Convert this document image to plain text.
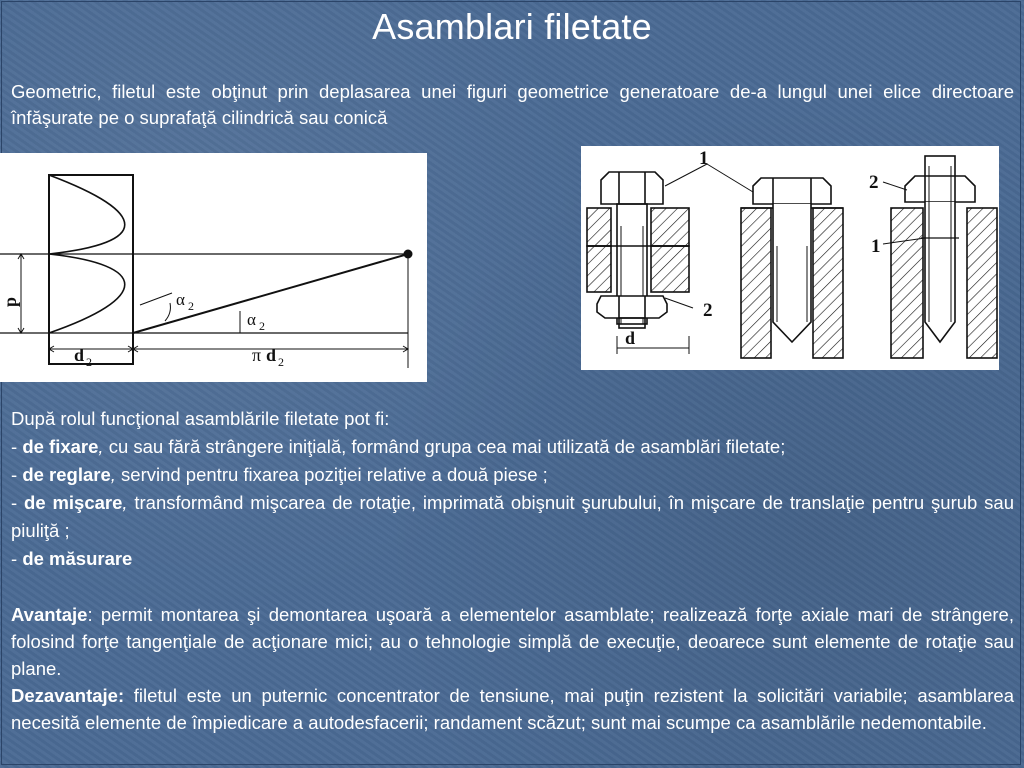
Asamblari filetate
Geometric, filetul este obţinut prin deplasarea unei figuri geometrice generatoare de-a lungul unei elice directoare înfăşurate pe o suprafaţă cilindrică sau conică
p	α 2
α 2
d 2	π d 2
1
2
d
2
1

După rolul funcţional asamblările filetate pot fi:

- de fixare, cu sau fără strângere iniţială, formând grupa cea mai utilizată de asamblări filetate;

- de reglare, servind pentru fixarea poziţiei relative a două piese ;

- de mişcare, transformând mişcarea de rotaţie, imprimată obişnuit şurubului, în mişcare de translaţie pentru şurub sau piuliţă ;

- de măsurare

Avantaje: permit montarea şi demontarea uşoară a elementelor asamblate; realizează forţe axiale mari de strângere, folosind forţe tangenţiale de acţionare mici; au o tehnologie simplă de execuţie, deoarece sunt elemente de rotaţie sau plane.

Dezavantaje: filetul este un puternic concentrator de tensiune, mai puţin rezistent la solicitări variabile; asamblarea necesită elemente de împiedicare a autodesfacerii; randament scăzut; sunt mai scumpe ca asamblările nedemontabile.
